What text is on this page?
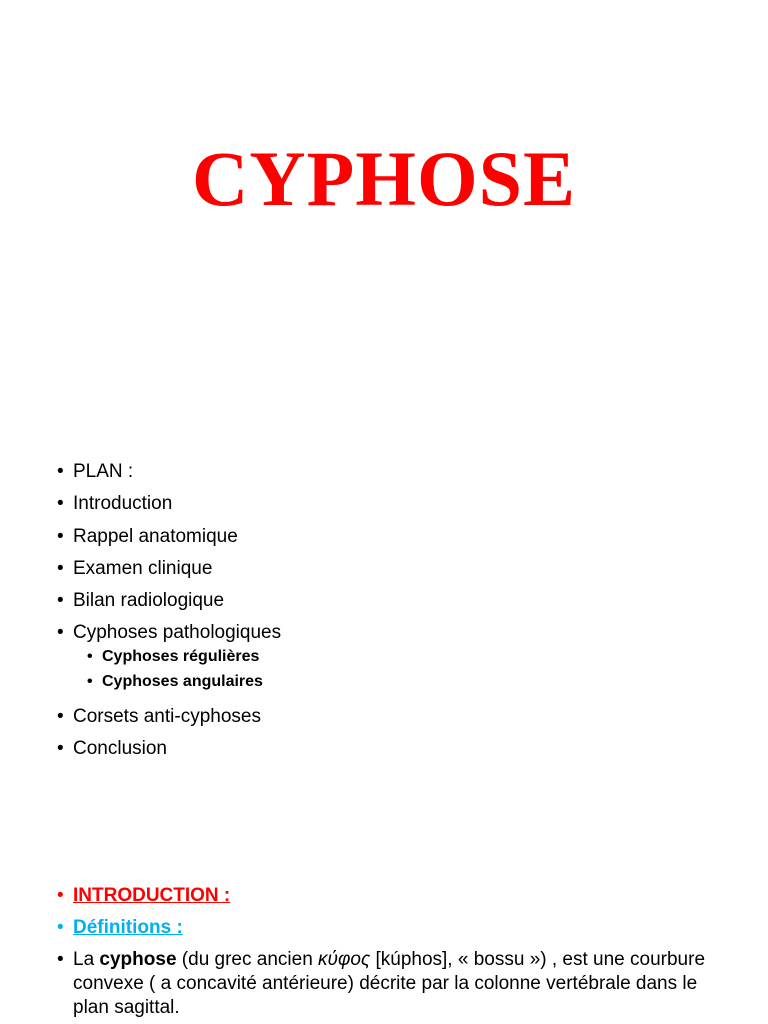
CYPHOSE
• PLAN :
• Introduction
• Rappel anatomique
• Examen clinique
• Bilan radiologique
• Cyphoses pathologiques
• Cyphoses régulières
• Cyphoses angulaires
• Corsets anti-cyphoses
• Conclusion
• INTRODUCTION :
• Définitions :
• La cyphose (du grec ancien κύφος [kúphos], « bossu ») , est une courbure convexe ( a concavité antérieure) décrite par la colonne vertébrale dans le plan sagittal.
